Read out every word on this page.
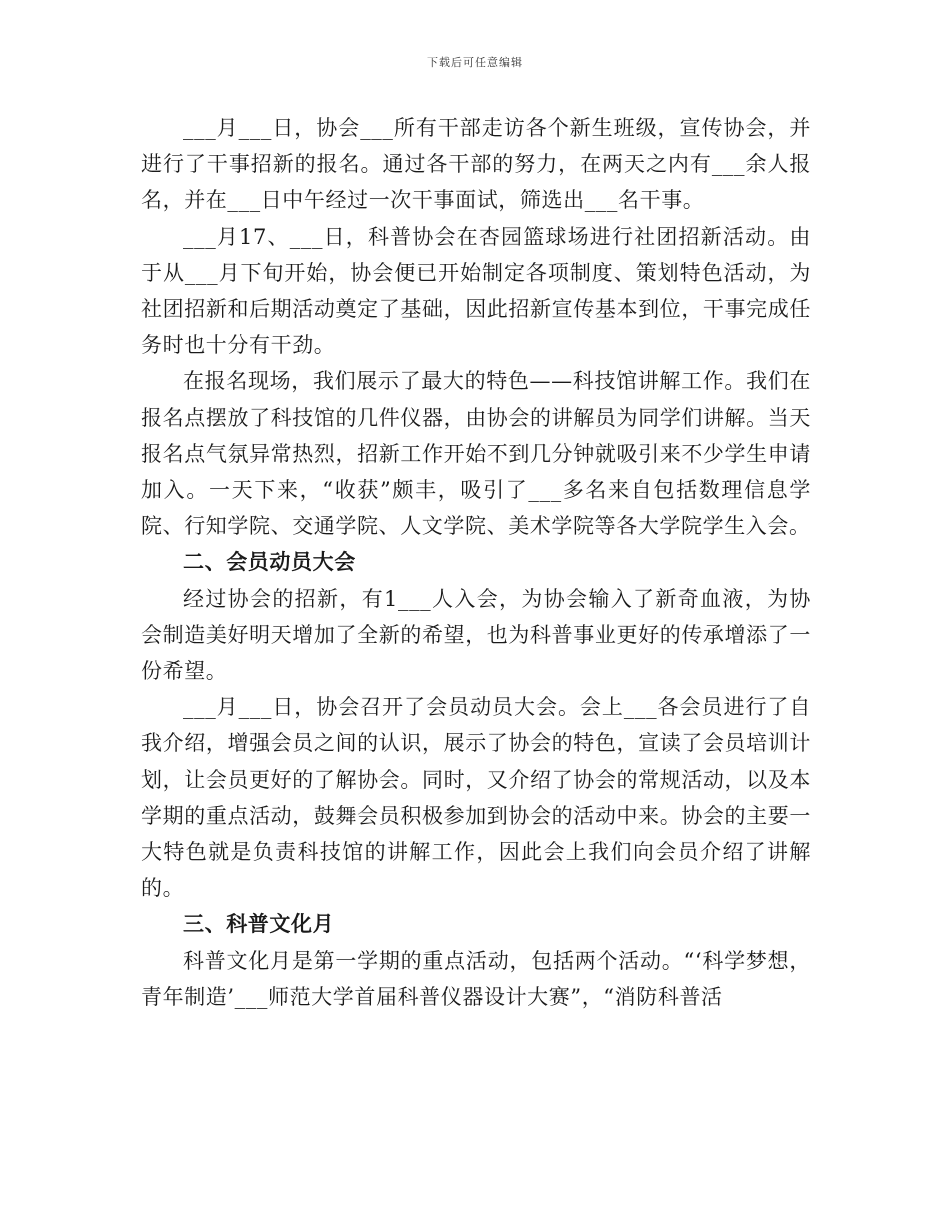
下载后可任意编辑

___月___日，协会___所有干部走访各个新生班级，宣传协会，并进行了干事招新的报名。通过各干部的努力，在两天之内有___余人报名，并在___日中午经过一次干事面试，筛选出___名干事。

___月17、___日，科普协会在杏园篮球场进行社团招新活动。由于从___月下旬开始，协会便已开始制定各项制度、策划特色活动，为社团招新和后期活动奠定了基础，因此招新宣传基本到位，干事完成任务时也十分有干劲。

在报名现场，我们展示了最大的特色——科技馆讲解工作。我们在报名点摆放了科技馆的几件仪器，由协会的讲解员为同学们讲解。当天报名点气氛异常热烈，招新工作开始不到几分钟就吸引来不少学生申请加入。一天下来，“收获”颇丰，吸引了___多名来自包括数理信息学院、行知学院、交通学院、人文学院、美术学院等各大学院学生入会。

二、会员动员大会

经过协会的招新，有1___人入会，为协会输入了新奇血液，为协会制造美好明天增加了全新的希望，也为科普事业更好的传承增添了一份希望。

___月___日，协会召开了会员动员大会。会上___各会员进行了自我介绍，增强会员之间的认识，展示了协会的特色，宣读了会员培训计划，让会员更好的了解协会。同时，又介绍了协会的常规活动，以及本学期的重点活动，鼓舞会员积极参加到协会的活动中来。协会的主要一大特色就是负责科技馆的讲解工作，因此会上我们向会员介绍了讲解的。

三、科普文化月

科普文化月是第一学期的重点活动，包括两个活动。“‘科学梦想，青年制造’___师范大学首届科普仪器设计大赛”，“消防科普活
